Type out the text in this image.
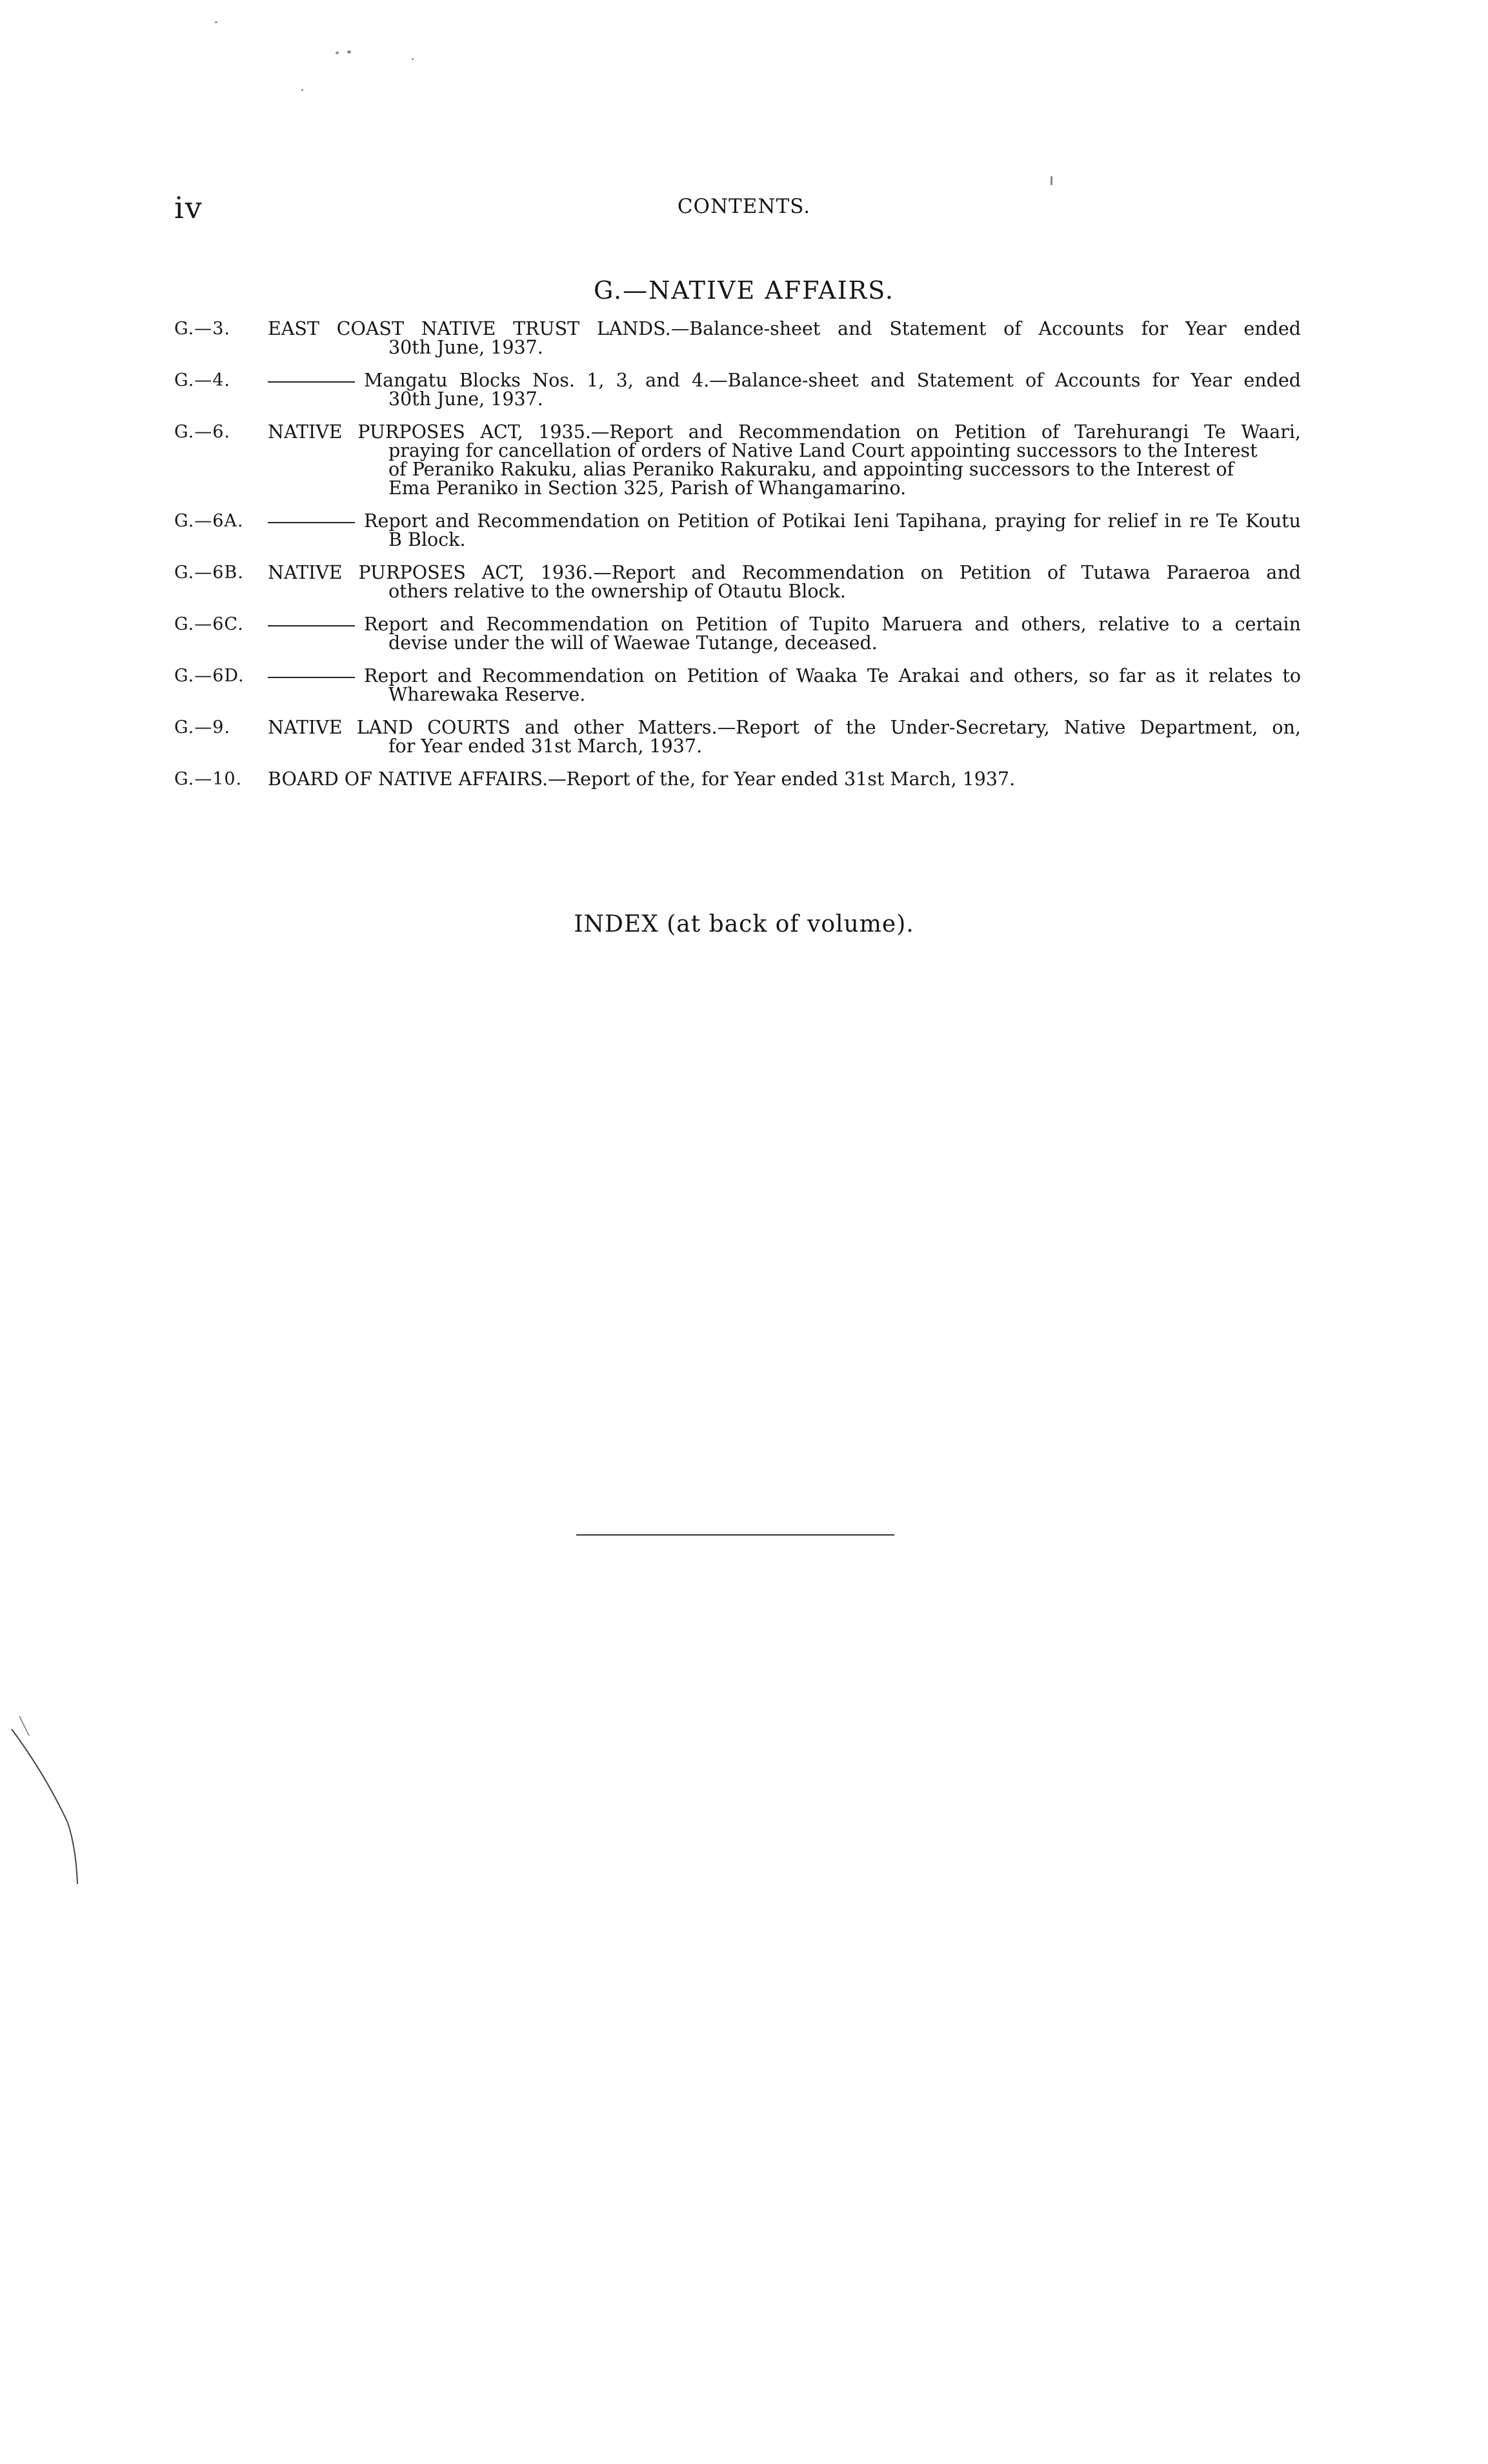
iv	CONTENTS.
G.—NATIVE AFFAIRS.
G.—3.	EAST COAST NATIVE TRUST LANDS.—Balance-sheet and Statement of Accounts for Year ended
30th June, 1937.
G.—4.	Mangatu Blocks Nos. 1, 3, and 4.—Balance-sheet and Statement of Accounts for Year ended
30th June, 1937.
G.—6.	NATIVE PURPOSES ACT, 1935.—Report and Recommendation on Petition of Tarehurangi Te Waari,
praying for cancellation of orders of Native Land Court appointing successors to the Interest
of Peraniko Rakuku, alias Peraniko Rakuraku, and appointing successors to the Interest of
Ema Peraniko in Section 325, Parish of Whangamarino.
G.—6A.	Report and Recommendation on Petition of Potikai Ieni Tapihana, praying for relief in re Te Koutu
B Block.
G.—6B.	NATIVE PURPOSES ACT, 1936.—Report and Recommendation on Petition of Tutawa Paraeroa and
others relative to the ownership of Otautu Block.
G.—6C.	Report and Recommendation on Petition of Tupito Maruera and others, relative to a certain
devise under the will of Waewae Tutange, deceased.
G.—6D.	Report and Recommendation on Petition of Waaka Te Arakai and others, so far as it relates to
Wharewaka Reserve.
G.—9.	NATIVE LAND COURTS and other Matters.—Report of the Under-Secretary, Native Department, on,
for Year ended 31st March, 1937.
G.—10.	BOARD OF NATIVE AFFAIRS.—Report of the, for Year ended 31st March, 1937.
INDEX (at back of volume).
